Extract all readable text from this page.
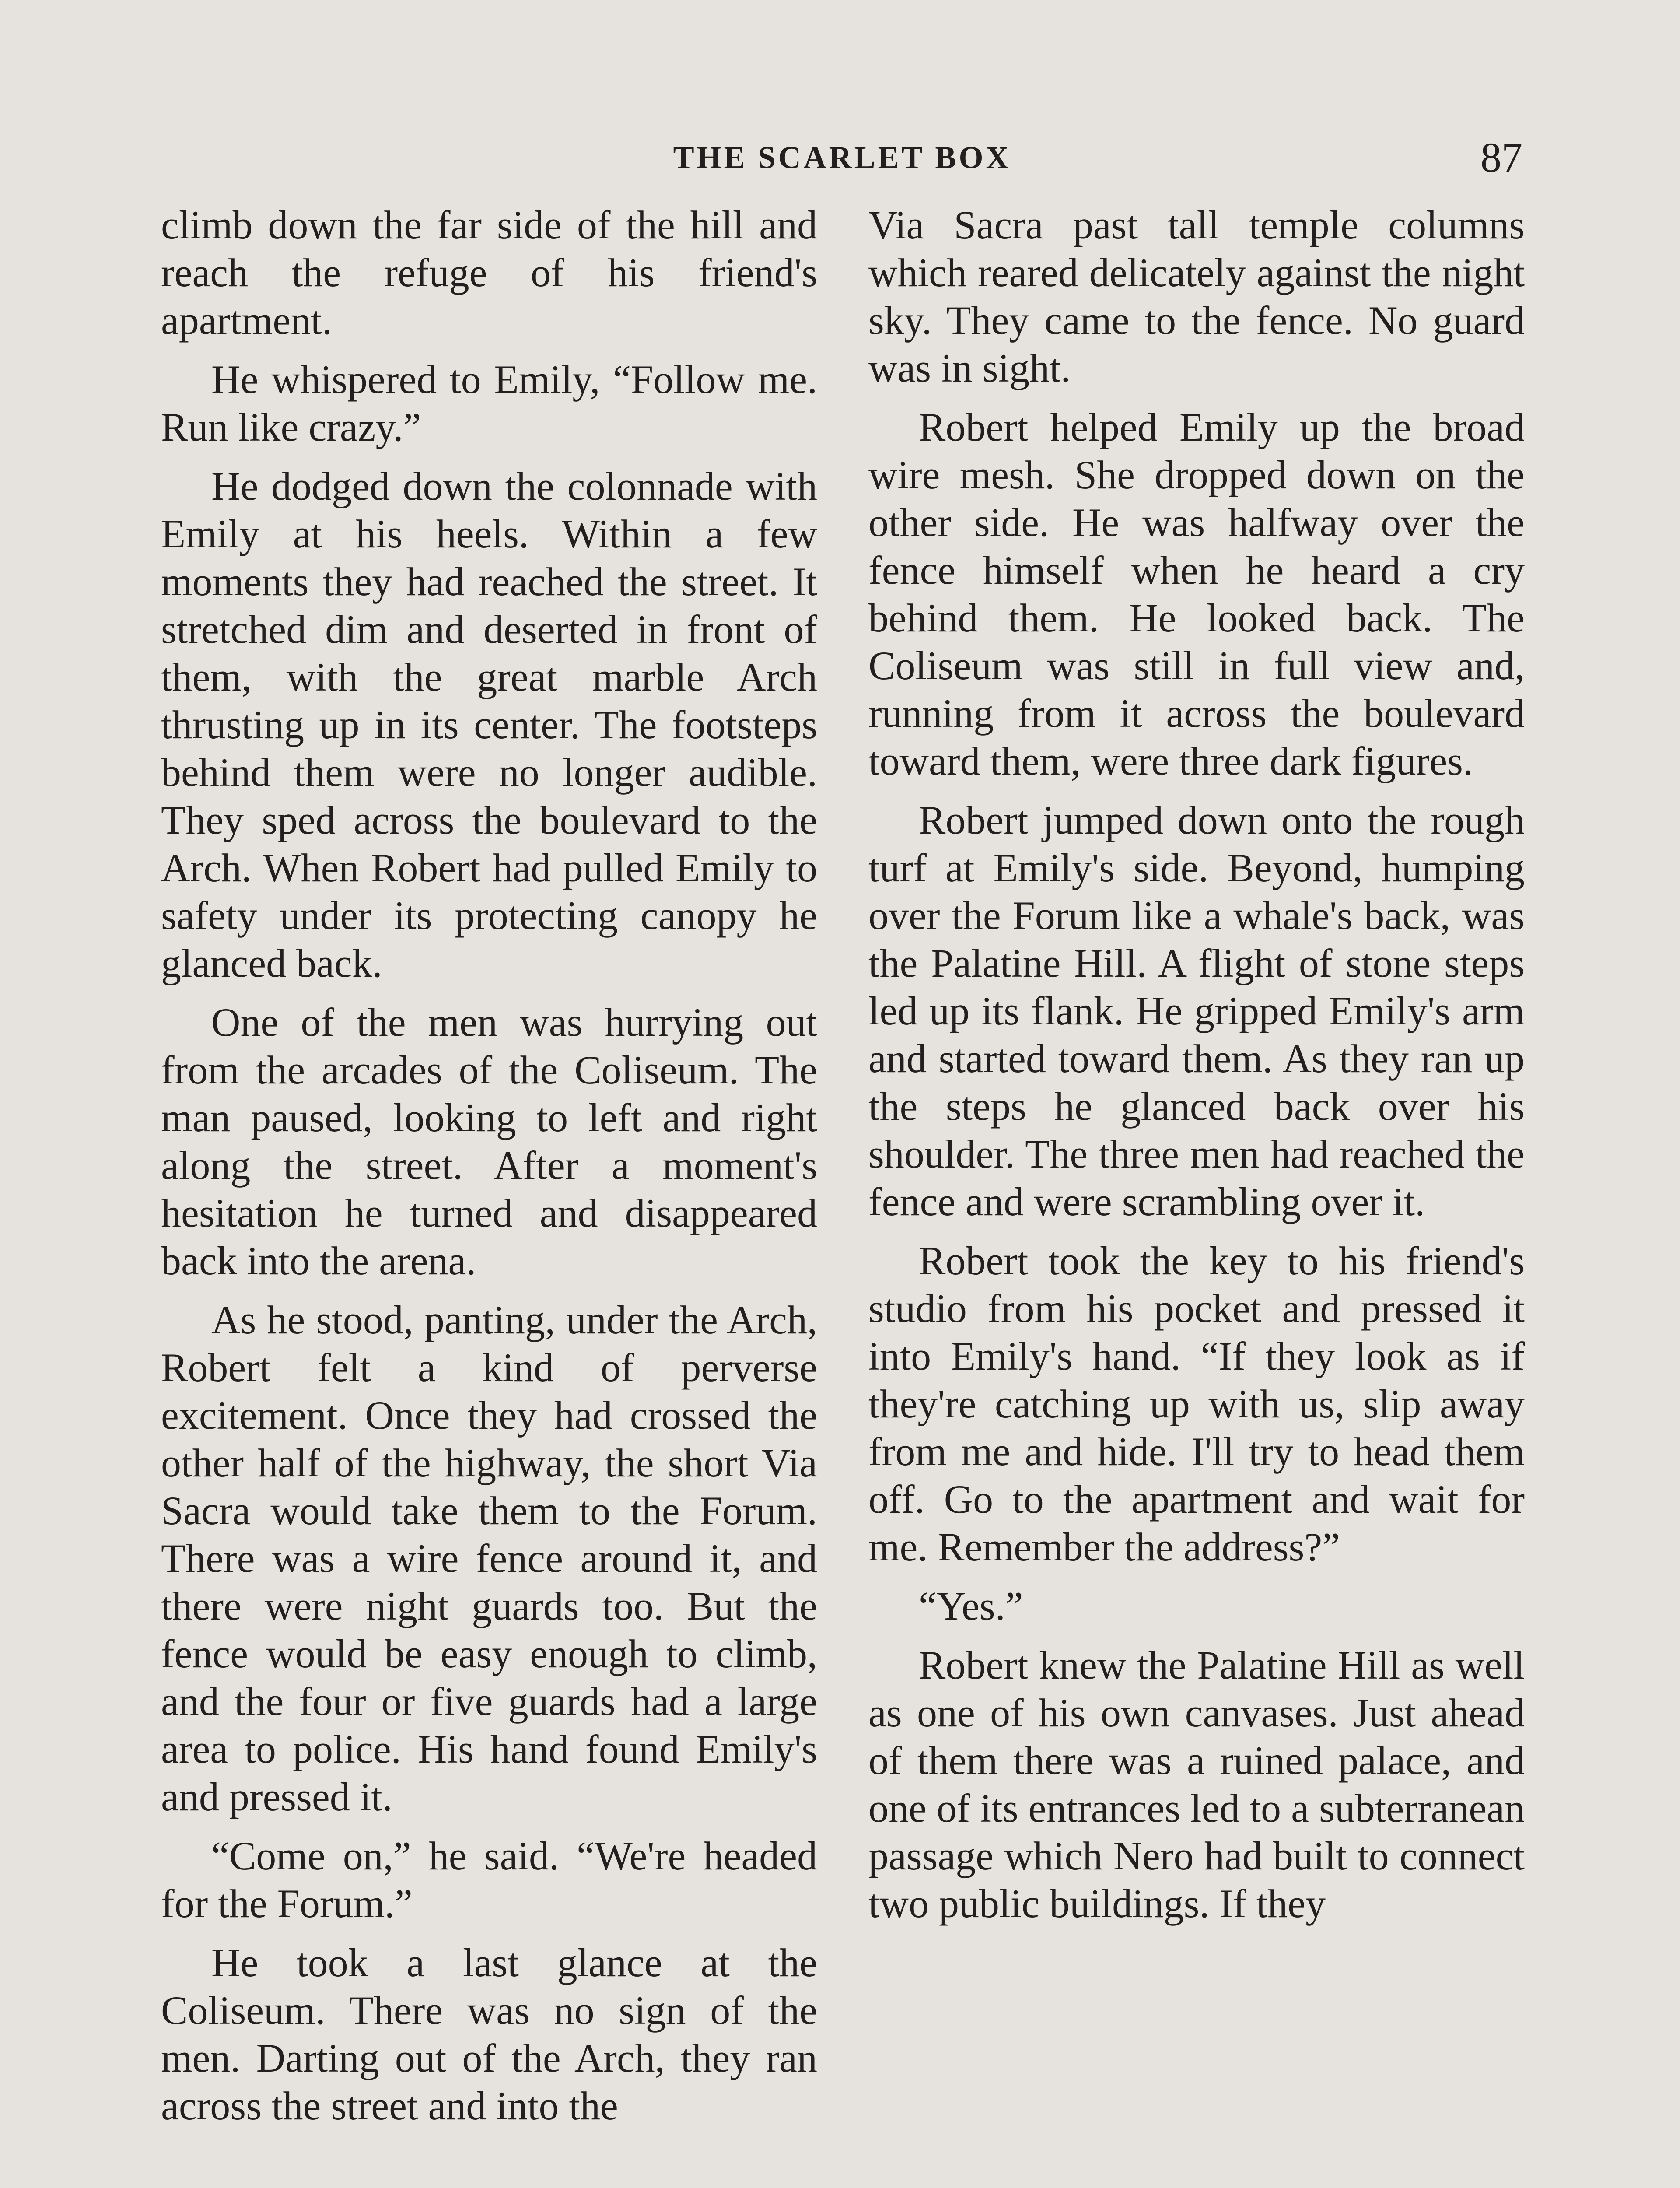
THE SCARLET BOX	87

climb down the far side of the hill and reach the refuge of his friend's apartment.

He whispered to Emily, “Follow me. Run like crazy.”

He dodged down the colonnade with Emily at his heels. Within a few moments they had reached the street. It stretched dim and deserted in front of them, with the great marble Arch thrusting up in its center. The footsteps behind them were no longer audible. They sped across the boulevard to the Arch. When Robert had pulled Emily to safety under its protecting canopy he glanced back.

One of the men was hurrying out from the arcades of the Coliseum. The man paused, looking to left and right along the street. After a moment's hesitation he turned and disappeared back into the arena.

As he stood, panting, under the Arch, Robert felt a kind of perverse excitement. Once they had crossed the other half of the highway, the short Via Sacra would take them to the Forum. There was a wire fence around it, and there were night guards too. But the fence would be easy enough to climb, and the four or five guards had a large area to police. His hand found Emily's and pressed it.

“Come on,” he said. “We're headed for the Forum.”

He took a last glance at the Coliseum. There was no sign of the men. Darting out of the Arch, they ran across the street and into the

Via Sacra past tall temple columns which reared delicately against the night sky. They came to the fence. No guard was in sight.

Robert helped Emily up the broad wire mesh. She dropped down on the other side. He was halfway over the fence himself when he heard a cry behind them. He looked back. The Coliseum was still in full view and, running from it across the boulevard toward them, were three dark figures.

Robert jumped down onto the rough turf at Emily's side. Beyond, humping over the Forum like a whale's back, was the Palatine Hill. A flight of stone steps led up its flank. He gripped Emily's arm and started toward them. As they ran up the steps he glanced back over his shoulder. The three men had reached the fence and were scrambling over it.

Robert took the key to his friend's studio from his pocket and pressed it into Emily's hand. “If they look as if they're catching up with us, slip away from me and hide. I'll try to head them off. Go to the apartment and wait for me. Remember the address?”

“Yes.”

Robert knew the Palatine Hill as well as one of his own canvases. Just ahead of them there was a ruined palace, and one of its entrances led to a subterranean passage which Nero had built to connect two public buildings. If they
